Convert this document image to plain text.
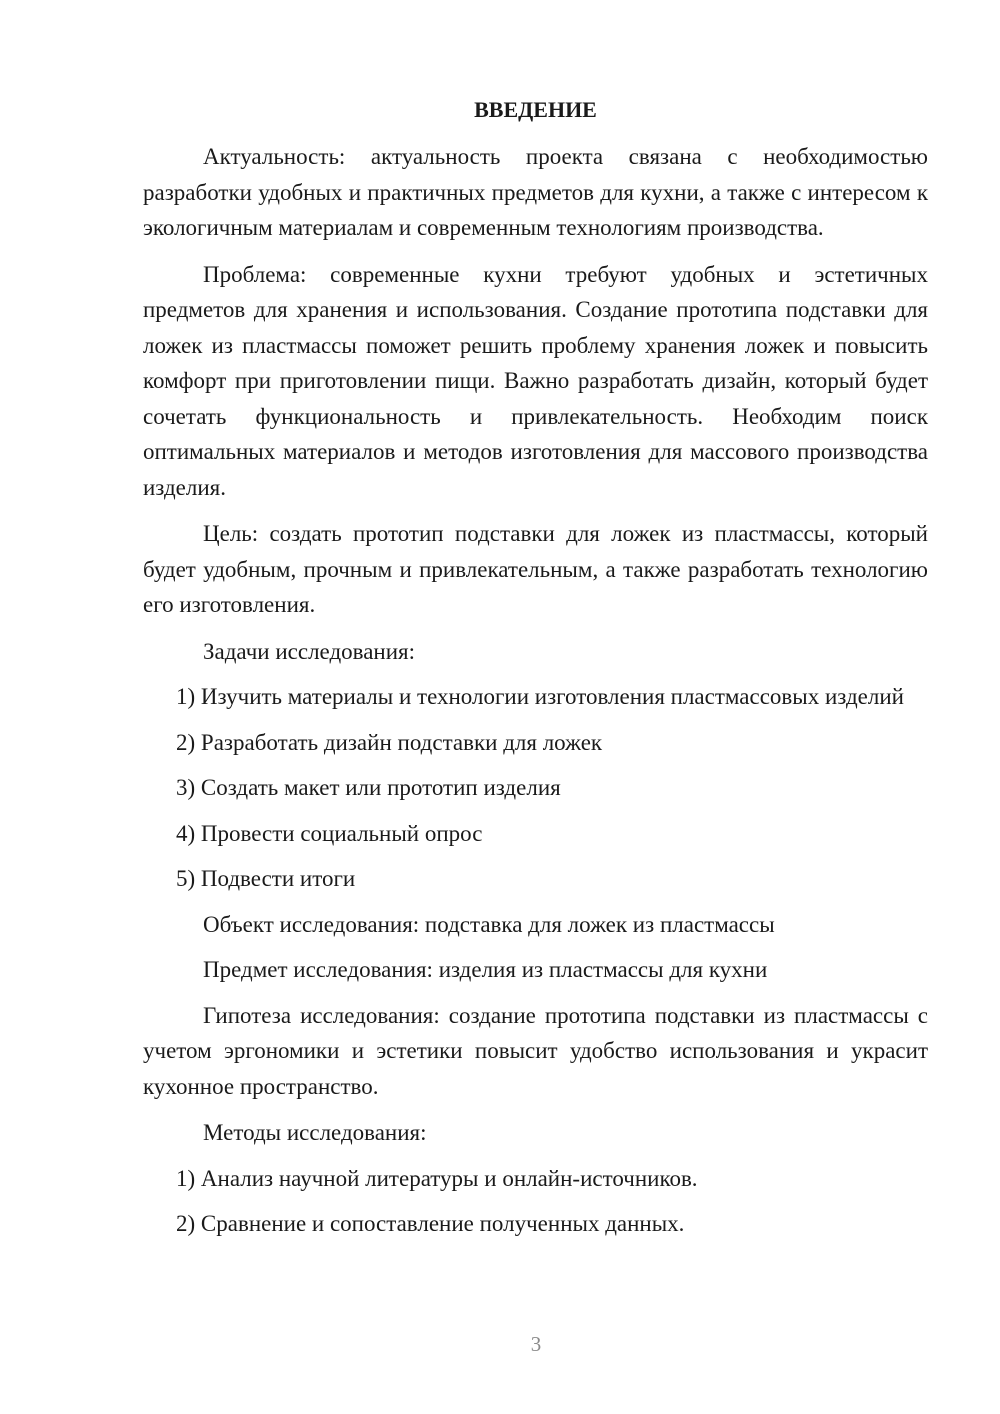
ВВЕДЕНИЕ

Актуальность: актуальность проекта связана с необходимостью разработки удобных и практичных предметов для кухни, а также с интересом к экологичным материалам и современным технологиям производства.

Проблема: современные кухни требуют удобных и эстетичных предметов для хранения и использования. Создание прототипа подставки для ложек из пластмассы поможет решить проблему хранения ложек и повысить комфорт при приготовлении пищи. Важно разработать дизайн, который будет сочетать функциональность и привлекательность. Необходим поиск оптимальных материалов и методов изготовления для массового производства изделия.

Цель: создать прототип подставки для ложек из пластмассы, который будет удобным, прочным и привлекательным, а также разработать технологию его изготовления.

Задачи исследования:

1) Изучить материалы и технологии изготовления пластмассовых изделий

2) Разработать дизайн подставки для ложек

3) Создать макет или прототип изделия

4) Провести социальный опрос

5) Подвести итоги

Объект исследования: подставка для ложек из пластмассы

Предмет исследования: изделия из пластмассы для кухни

Гипотеза исследования: создание прототипа подставки из пластмассы с учетом эргономики и эстетики повысит удобство использования и украсит кухонное пространство.

Методы исследования:

1) Анализ научной литературы и онлайн-источников.

2) Сравнение и сопоставление полученных данных.

3
